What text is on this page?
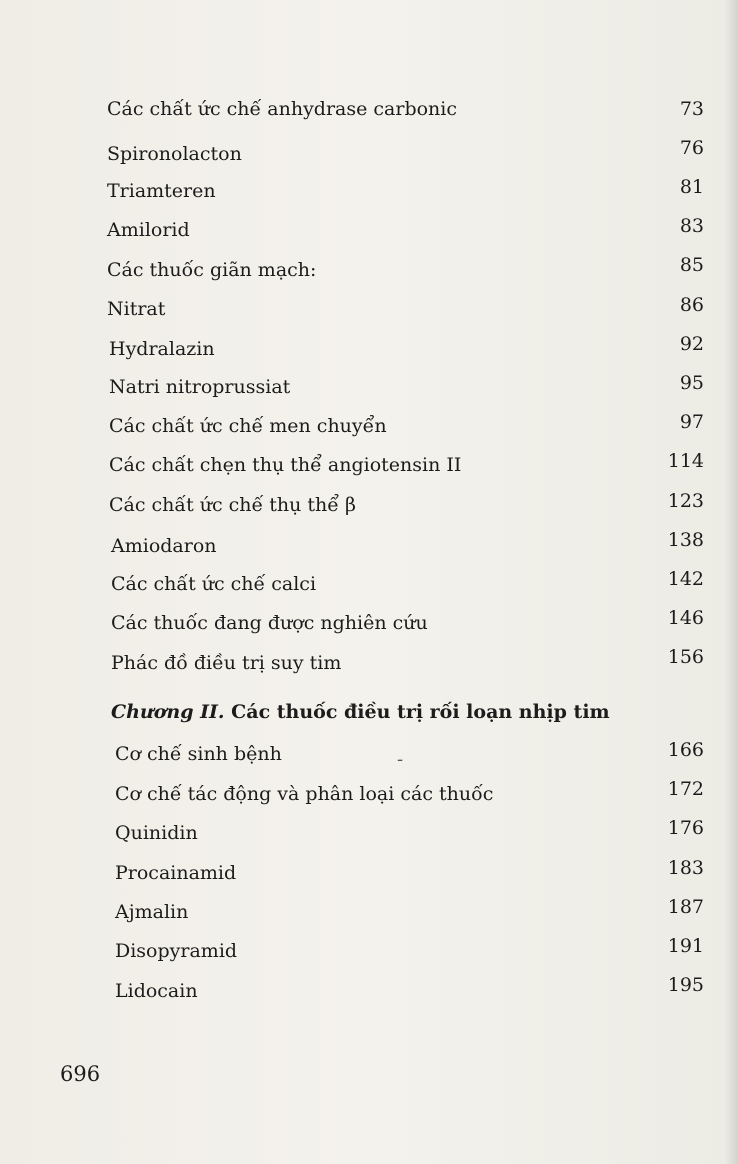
Các chất ức chế anhydrase carbonic	73
Spironolacton	76
Triamteren	81
Amilorid	83
Các thuốc giãn mạch:	85
Nitrat	86
Hydralazin	92
Natri nitroprussiat	95
Các chất ức chế men chuyển	97
Các chất chẹn thụ thể angiotensin II	114
Các chất ức chế thụ thể β	123
Amiodaron	138
Các chất ức chế calci	142
Các thuốc đang được nghiên cứu	146
Phác đồ điều trị suy tim	156
Chương II. Các thuốc điều trị rối loạn nhịp tim
Cơ chế sinh bệnh	166
-
Cơ chế tác động và phân loại các thuốc	172
Quinidin	176
Procainamid	183
Ajmalin	187
Disopyramid	191
Lidocain	195
696
